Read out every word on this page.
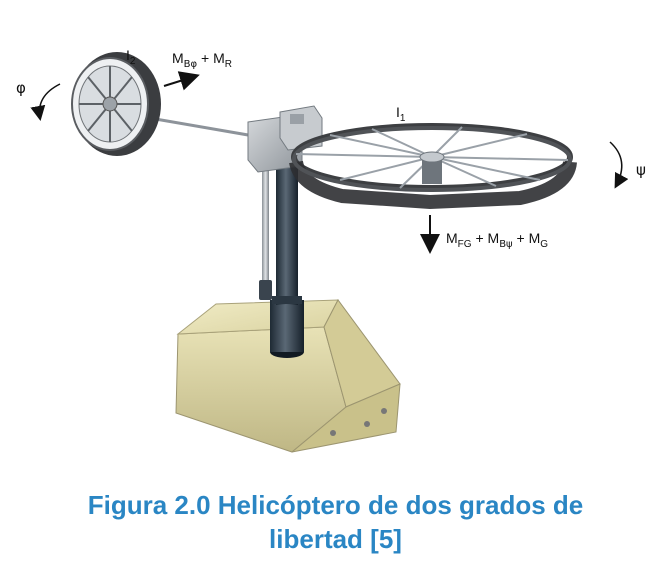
φ
ψ
$I_2$
$I_1$
$M_{B\varphi} + M_R$
$M_{FG} + M_{B\psi} + M_G$
Figura 2.0 Helicóptero de dos grados de
libertad [5]
